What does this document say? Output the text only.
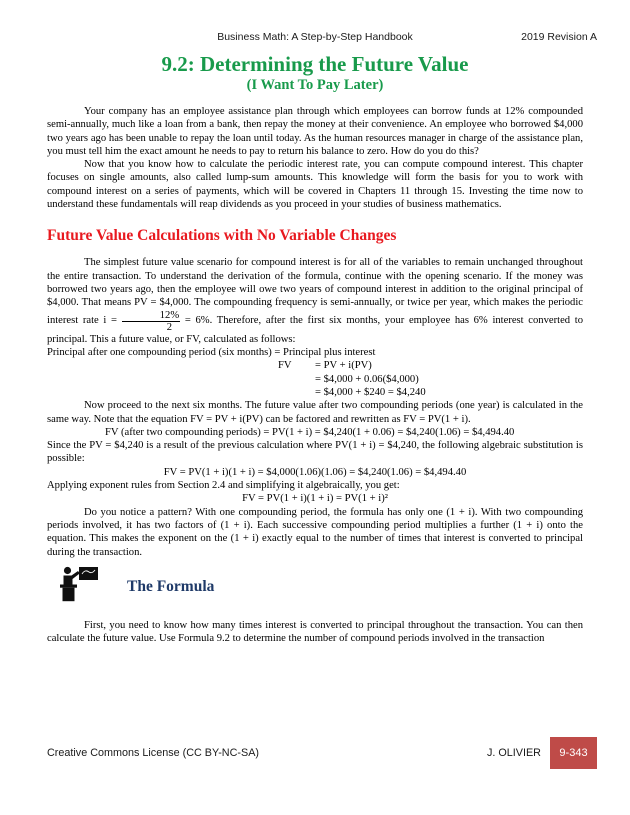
Business Math: A Step-by-Step Handbook	2019 Revision A
9.2: Determining the Future Value
(I Want To Pay Later)

Your company has an employee assistance plan through which employees can borrow funds at 12% compounded semi-annually, much like a loan from a bank, then repay the money at their convenience. An employee who borrowed $4,000 two years ago has been unable to repay the loan until today. As the human resources manager in charge of the assistance plan, you must tell him the exact amount he needs to pay to return his balance to zero. How do you do this?

Now that you know how to calculate the periodic interest rate, you can compute compound interest. This chapter focuses on single amounts, also called lump-sum amounts. This knowledge will form the basis for you to work with compound interest on a series of payments, which will be covered in Chapters 11 through 15. Investing the time now to understand these fundamentals will reap dividends as you proceed in your studies of business mathematics.

Future Value Calculations with No Variable Changes

The simplest future value scenario for compound interest is for all of the variables to remain unchanged throughout the entire transaction. To understand the derivation of the formula, continue with the opening scenario. If the money was borrowed two years ago, then the employee will owe two years of compound interest in addition to the original principal of $4,000. That means PV = $4,000. The compounding frequency is semi-annually, or twice per year, which makes the periodic interest rate $i = \frac{12\%}{2} = 6\%$. Therefore, after the first six months, your employee has 6% interest converted to principal. This a future value, or FV, calculated as follows:

Principal after one compounding period (six months) = Principal plus interest

FV = PV + i(PV)

= $4,000 + 0.06($4,000)

= $4,000 + $240 = $4,240

Now proceed to the next six months. The future value after two compounding periods (one year) is calculated in the same way. Note that the equation FV = PV + i(PV) can be factored and rewritten as FV = PV(1 + i).

FV (after two compounding periods) = PV(1 + i) = $4,240(1 + 0.06) = $4,240(1.06) = $4,494.40

Since the PV = $4,240 is a result of the previous calculation where PV(1 + i) = $4,240, the following algebraic substitution is possible:

FV = PV(1 + i)(1 + i) = $4,000(1.06)(1.06) = $4,240(1.06) = $4,494.40

Applying exponent rules from Section 2.4 and simplifying it algebraically, you get:

FV = PV(1 + i)(1 + i) = PV(1 + i)²

Do you notice a pattern? With one compounding period, the formula has only one (1 + i). With two compounding periods involved, it has two factors of (1 + i). Each successive compounding period multiplies a further (1 + i) onto the equation. This makes the exponent on the (1 + i) exactly equal to the number of times that interest is converted to principal during the transaction.

The Formula

First, you need to know how many times interest is converted to principal throughout the transaction. You can then calculate the future value. Use Formula 9.2 to determine the number of compound periods involved in the transaction

Creative Commons License (CC BY-NC-SA)	J. OLIVIER	9-343
